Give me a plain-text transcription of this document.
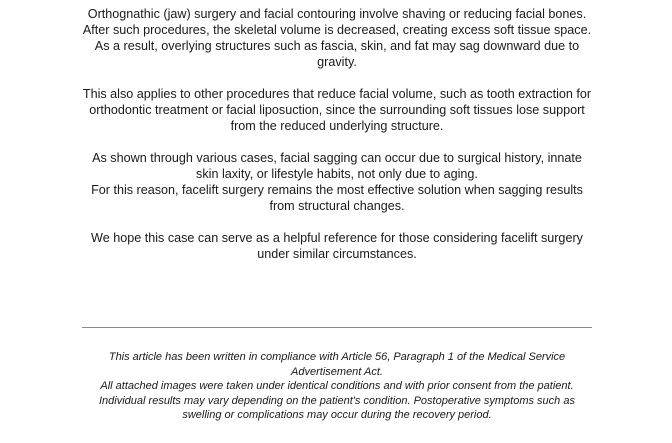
Orthognathic (jaw) surgery and facial contouring involve shaving or reducing facial bones.
After such procedures, the skeletal volume is decreased, creating excess soft tissue space.
As a result, overlying structures such as fascia, skin, and fat may sag downward due to gravity.

This also applies to other procedures that reduce facial volume, such as tooth extraction for orthodontic treatment or facial liposuction, since the surrounding soft tissues lose support from the reduced underlying structure.

As shown through various cases, facial sagging can occur due to surgical history, innate skin laxity, or lifestyle habits, not only due to aging.
For this reason, facelift surgery remains the most effective solution when sagging results from structural changes.

We hope this case can serve as a helpful reference for those considering facelift surgery under similar circumstances.

This article has been written in compliance with Article 56, Paragraph 1 of the Medical Service Advertisement Act.
All attached images were taken under identical conditions and with prior consent from the patient.
Individual results may vary depending on the patient's condition. Postoperative symptoms such as swelling or complications may occur during the recovery period.
